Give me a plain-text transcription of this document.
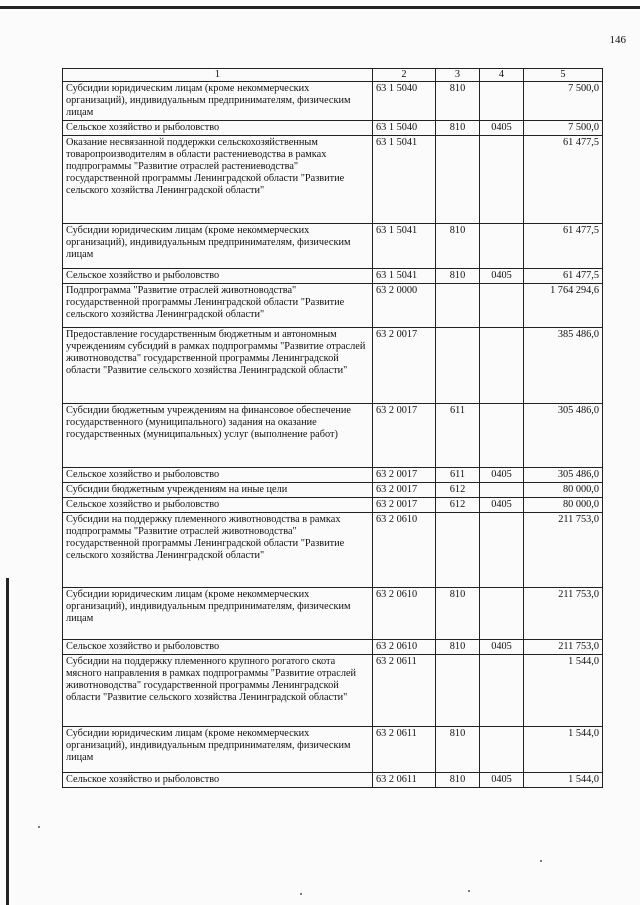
146
1	2	3	4	5
Субсидии юридическим лицам (кроме некоммерческих организаций), индивидуальным предпринимателям, физическим лицам	63 1 5040	810		7 500,0
Сельское хозяйство и рыболовство	63 1 5040	810	0405	7 500,0
Оказание несвязанной поддержки сельскохозяйственным товаропроизводителям в области растениеводства в рамках подпрограммы "Развитие отраслей растениеводства" государственной программы Ленинградской области "Развитие сельского хозяйства Ленинградской области"	63 1 5041			61 477,5
Субсидии юридическим лицам (кроме некоммерческих организаций), индивидуальным предпринимателям, физическим лицам	63 1 5041	810		61 477,5
Сельское хозяйство и рыболовство	63 1 5041	810	0405	61 477,5
Подпрограмма "Развитие отраслей животноводства" государственной программы Ленинградской области "Развитие сельского хозяйства Ленинградской области"	63 2 0000			1 764 294,6
Предоставление государственным бюджетным и автономным учреждениям субсидий в рамках подпрограммы "Развитие отраслей животноводства" государственной программы Ленинградской области "Развитие сельского хозяйства Ленинградской области"	63 2 0017			385 486,0
Субсидии бюджетным учреждениям на финансовое обеспечение государственного (муниципального) задания на оказание государственных (муниципальных) услуг (выполнение работ)	63 2 0017	611		305 486,0
Сельское хозяйство и рыболовство	63 2 0017	611	0405	305 486,0
Субсидии бюджетным учреждениям на иные цели	63 2 0017	612		80 000,0
Сельское хозяйство и рыболовство	63 2 0017	612	0405	80 000,0
Субсидии на поддержку племенного животноводства в рамках подпрограммы "Развитие отраслей животноводства" государственной программы Ленинградской области "Развитие сельского хозяйства Ленинградской области"	63 2 0610			211 753,0
Субсидии юридическим лицам (кроме некоммерческих организаций), индивидуальным предпринимателям, физическим лицам	63 2 0610	810		211 753,0
Сельское хозяйство и рыболовство	63 2 0610	810	0405	211 753,0
Субсидии на поддержку племенного крупного рогатого скота мясного направления в рамках подпрограммы "Развитие отраслей животноводства" государственной программы Ленинградской области "Развитие сельского хозяйства Ленинградской области"	63 2 0611			1 544,0
Субсидии юридическим лицам (кроме некоммерческих организаций), индивидуальным предпринимателям, физическим лицам	63 2 0611	810		1 544,0
Сельское хозяйство и рыболовство	63 2 0611	810	0405	1 544,0
